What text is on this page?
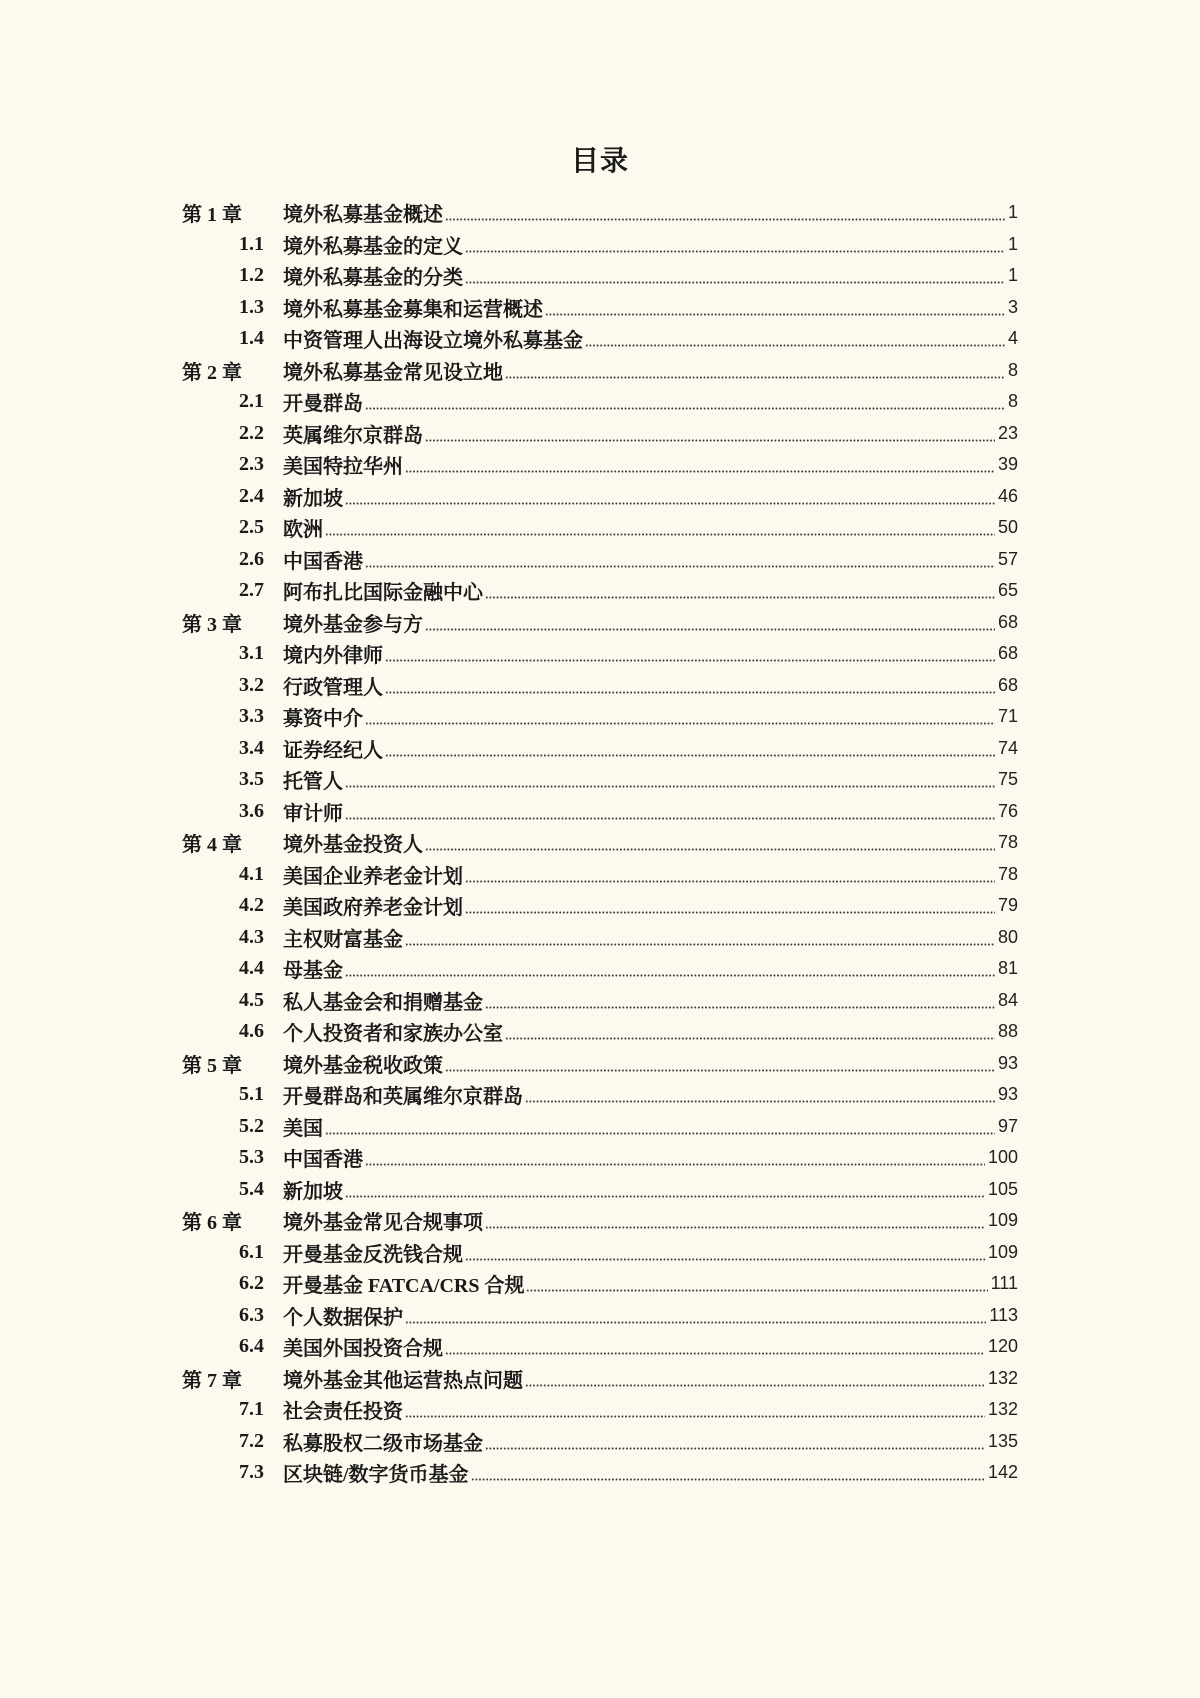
目录
第 1 章	境外私募基金概述	1
1.1 境外私募基金的定义	1
1.2 境外私募基金的分类	1
1.3 境外私募基金募集和运营概述	3
1.4 中资管理人出海设立境外私募基金	4
第 2 章	境外私募基金常见设立地	8
2.1 开曼群岛	8
2.2 英属维尔京群岛	23
2.3 美国特拉华州	39
2.4 新加坡	46
2.5 欧洲	50
2.6 中国香港	57
2.7 阿布扎比国际金融中心	65
第 3 章	境外基金参与方	68
3.1 境内外律师	68
3.2 行政管理人	68
3.3 募资中介	71
3.4 证券经纪人	74
3.5 托管人	75
3.6 审计师	76
第 4 章	境外基金投资人	78
4.1 美国企业养老金计划	78
4.2 美国政府养老金计划	79
4.3 主权财富基金	80
4.4 母基金	81
4.5 私人基金会和捐赠基金	84
4.6 个人投资者和家族办公室	88
第 5 章	境外基金税收政策	93
5.1 开曼群岛和英属维尔京群岛	93
5.2 美国	97
5.3 中国香港	100
5.4 新加坡	105
第 6 章	境外基金常见合规事项	109
6.1 开曼基金反洗钱合规	109
6.2 开曼基金 FATCA/CRS 合规	111
6.3 个人数据保护	113
6.4 美国外国投资合规	120
第 7 章	境外基金其他运营热点问题	132
7.1 社会责任投资	132
7.2 私募股权二级市场基金	135
7.3 区块链/数字货币基金	142
